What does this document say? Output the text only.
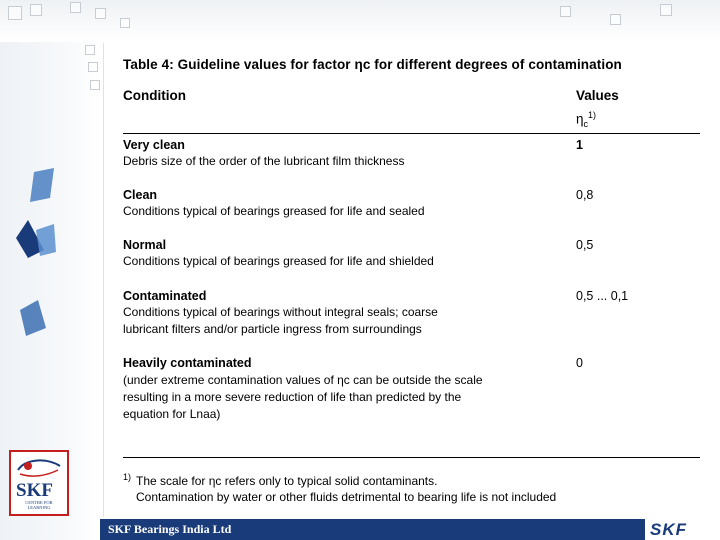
Table 4: Guideline values for factor ηc for different degrees of contamination
Condition	Values
$\eta_c^{1)}$
Very clean
Debris size of the order of the lubricant film thickness
1
Clean
Conditions typical of bearings greased for life and sealed
0,8
Normal
Conditions typical of bearings greased for life and shielded
0,5
Contaminated
Conditions typical of bearings without integral seals; coarse
lubricant filters and/or particle ingress from surroundings
0,5 ... 0,1
Heavily contaminated
(under extreme contamination values of ηc can be outside the scale
resulting in a more severe reduction of life than predicted by the
equation for Lnaa)
0
1) The scale for ηc refers only to typical solid contaminants.
Contamination by water or other fluids detrimental to bearing life is not included
SKF
CENTRE FOR LEARNING
SKF Bearings India Ltd	SKF
